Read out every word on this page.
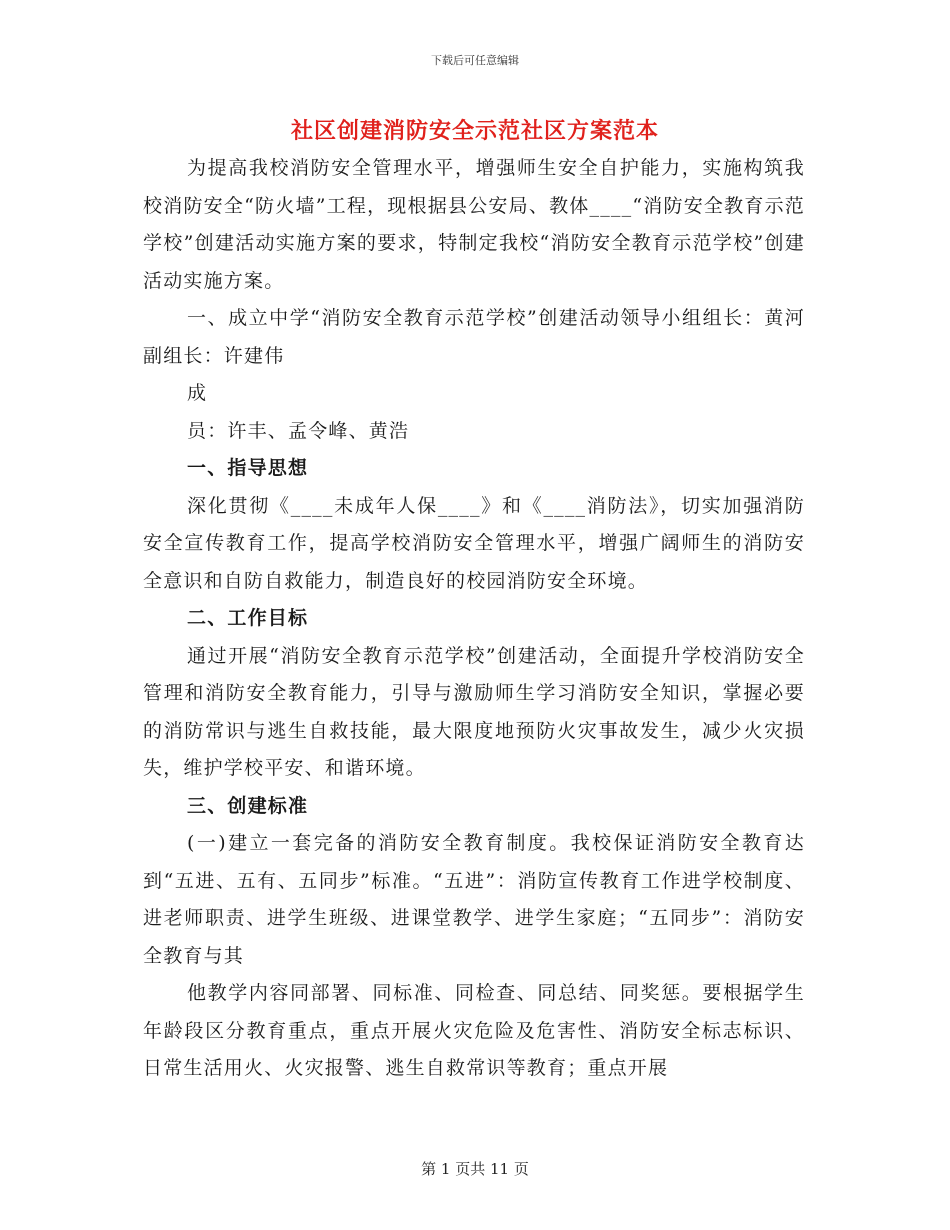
下载后可任意编辑
社区创建消防安全示范社区方案范本

为提高我校消防安全管理水平，增强师生安全自护能力，实施构筑我校消防安全“防火墙”工程，现根据县公安局、教体____“消防安全教育示范学校”创建活动实施方案的要求，特制定我校“消防安全教育示范学校”创建活动实施方案。

一、成立中学“消防安全教育示范学校”创建活动领导小组组长：黄河副组长：许建伟

成

员：许丰、孟令峰、黄浩

一、指导思想

深化贯彻《____未成年人保____》和《____消防法》，切实加强消防安全宣传教育工作，提高学校消防安全管理水平，增强广阔师生的消防安全意识和自防自救能力，制造良好的校园消防安全环境。

二、工作目标

通过开展“消防安全教育示范学校”创建活动，全面提升学校消防安全管理和消防安全教育能力，引导与激励师生学习消防安全知识，掌握必要的消防常识与逃生自救技能，最大限度地预防火灾事故发生，减少火灾损失，维护学校平安、和谐环境。

三、创建标准

(一)建立一套完备的消防安全教育制度。我校保证消防安全教育达到“五进、五有、五同步”标准。“五进”：消防宣传教育工作进学校制度、进老师职责、进学生班级、进课堂教学、进学生家庭；“五同步”：消防安全教育与其

他教学内容同部署、同标准、同检查、同总结、同奖惩。要根据学生年龄段区分教育重点，重点开展火灾危险及危害性、消防安全标志标识、日常生活用火、火灾报警、逃生自救常识等教育；重点开展

第 1 页共 11 页
